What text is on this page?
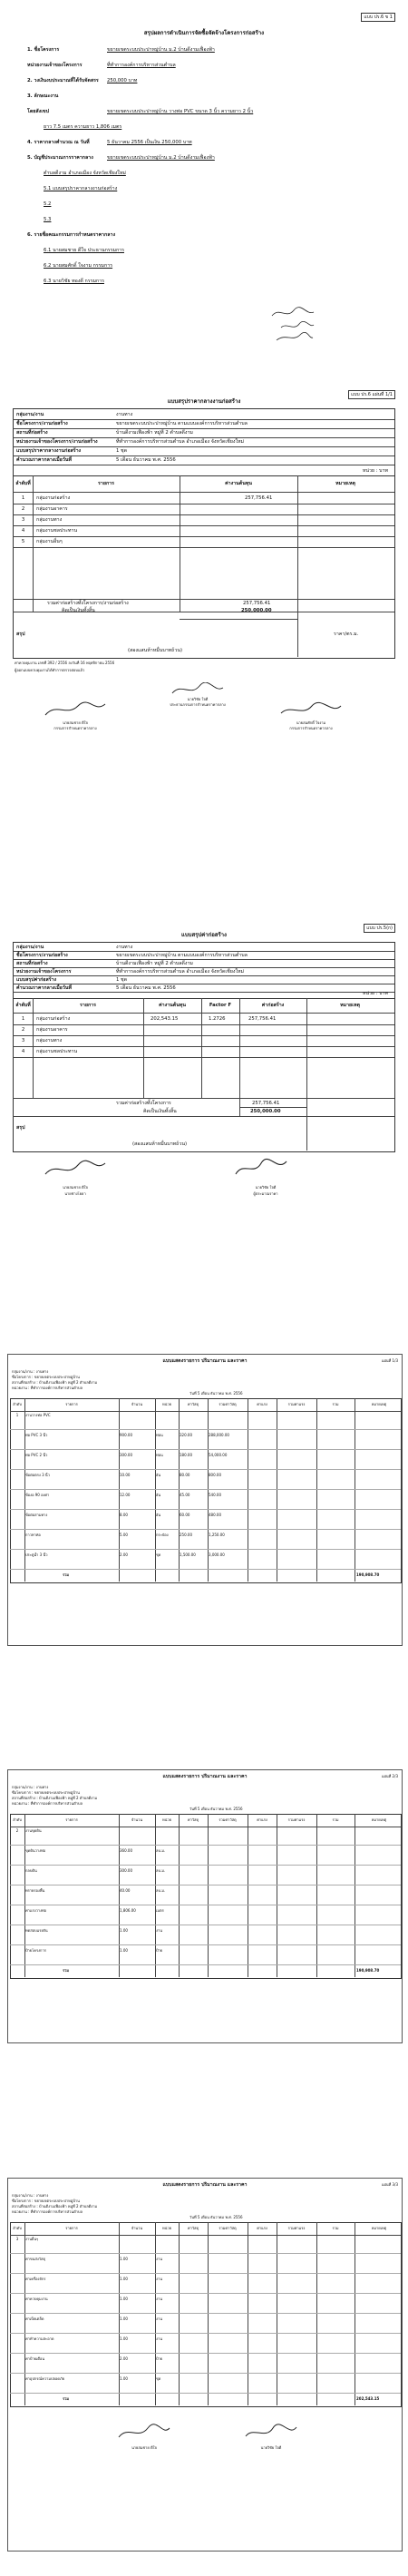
แบบ ปร.6 ข 1
สรุปผลการดำเนินการจัดซื้อจัดจ้างโครงการก่อสร้าง
1. ชื่อโครงการ	ขยายเขตระบบประปาหมู่บ้าน ม.2 บ้านดีงามเฟื่องฟ้า
หน่วยงานเจ้าของโครงการ	ที่ทำการองค์การบริหารส่วนตำบล
2. วงเงินงบประมาณที่ได้รับจัดสรร 250,000 บาท
3. ลักษณะงาน
โดยสังเขป	ขยายเขตระบบประปาหมู่บ้าน วางท่อ PVC ขนาด 3 นิ้ว ความยาว 2 นิ้ว
ยาว 7.5 เมตร ความยาว 1,806 เมตร
4. ราคากลางคำนวณ ณ วันที่	5 ธันวาคม 2556 เป็นเงิน 250,000 บาท
5. บัญชีประมาณการราคากลาง	ขยายเขตระบบประปาหมู่บ้าน ม.2 บ้านดีงามเฟื่องฟ้า
ตำบลดีงาม อำเภอเมือง จังหวัดเชียงใหม่
5.1 แบบสรุปราคากลางงานก่อสร้าง
5.2
5.3
6. รายชื่อคณะกรรมการกำหนดราคากลาง
6.1 นายสมชาย ดีใจ ประธานกรรมการ
6.2 นายสมศักดิ์ ใจงาม กรรมการ
6.3 นายวิชัย ทองดี กรรมการ
แบบ ปร.6 แผ่นที่ 1/1
แบบสรุปราคากลางงานก่อสร้าง
กลุ่มงาน/งาน	งานทาง
ชื่อโครงการ/งานก่อสร้าง	ขยายเขตระบบประปาหมู่บ้าน ตามแบบองค์การบริหารส่วนตำบล
สถานที่ก่อสร้าง	บ้านดีงามเฟื่องฟ้า หมู่ที่ 2 ตำบลดีงาม
หน่วยงานเจ้าของโครงการ/งานก่อสร้าง	ที่ทำการองค์การบริหารส่วนตำบล อำเภอเมือง จังหวัดเชียงใหม่
แบบสรุปราคากลางงานก่อสร้าง	1 ชุด
คำนวณราคากลางเมื่อวันที่	5 เดือน ธันวาคม พ.ศ. 2556
หน่วย : บาท
ลำดับที่	รายการ	ค่างานต้นทุน	หมายเหตุ
1	กลุ่มงานก่อสร้าง	257,756.41
2	กลุ่มงานอาคาร
3	กลุ่มงานทาง
4	กลุ่มงานชลประทาน
5	กลุ่มงานอื่นๆ
รวมค่าก่อสร้างทั้งโครงการ/งานก่อสร้าง	257,756.41
คิดเป็นเงินทั้งสิ้น	250,000.00
สรุป	ราคา/ตร.ม.
(สองแสนห้าหมื่นบาทถ้วน)
ค่าควบคุมงาน เลขที่ 392 / 2556 ลงวันที่ 16 พฤศจิกายน 2556
ผู้ออกแบบควบคุมงานได้ทำการตรวจสอบแล้ว
นายวิชัย ใจดี
ประธานกรรมการกำหนดราคากลาง
นายสมชาย ดีใจ
กรรมการกำหนดราคากลาง
นายสมศักดิ์ ใจงาม
กรรมการกำหนดราคากลาง
แบบ ปร.5(ก)
แบบสรุปค่าก่อสร้าง
กลุ่มงาน/งาน	งานทาง
ชื่อโครงการ/งานก่อสร้าง	ขยายเขตระบบประปาหมู่บ้าน ตามแบบองค์การบริหารส่วนตำบล
สถานที่ก่อสร้าง	บ้านดีงามเฟื่องฟ้า หมู่ที่ 2 ตำบลดีงาม
หน่วยงานเจ้าของโครงการ	ที่ทำการองค์การบริหารส่วนตำบล อำเภอเมือง จังหวัดเชียงใหม่
แบบสรุปค่าก่อสร้าง	1 ชุด
คำนวณราคากลางเมื่อวันที่	5 เดือน ธันวาคม พ.ศ. 2556
หน่วย : บาท
ลำดับที่	รายการ	ค่างานต้นทุน	Factor F	ค่าก่อสร้าง	หมายเหตุ
1	กลุ่มงานก่อสร้าง	202,543.15	1.2726	257,756.41
2	กลุ่มงานอาคาร
3	กลุ่มงานทาง
4	กลุ่มงานชลประทาน
รวมค่าก่อสร้างทั้งโครงการ	257,756.41
คิดเป็นเงินทั้งสิ้น	250,000.00
สรุป
(สองแสนห้าหมื่นบาทถ้วน)
นายสมชาย ดีใจ
นายช่างโยธา
นายวิชัย ใจดี
ผู้ประมาณราคา
แบบแสดงรายการ ปริมาณงาน และราคา	แผ่นที่ 1/3
กลุ่มงาน/งาน : งานทาง
ชื่อโครงการ : ขยายเขตระบบประปาหมู่บ้าน
สถานที่ก่อสร้าง : บ้านดีงามเฟื่องฟ้า หมู่ที่ 2 ตำบลดีงาม
หน่วยงาน : ที่ทำการองค์การบริหารส่วนตำบล
วันที่ 5 เดือน ธันวาคม พ.ศ. 2556
ลำดับ	รายการ	จำนวน	หน่วย	ค่าวัสดุ	รวมค่าวัสดุ	ค่าแรง	รวมค่าแรง	รวม	หมายเหตุ
1	งานวางท่อ PVC
ท่อ PVC 3 นิ้ว	900.00	ท่อน	320.00	288,000.00
ท่อ PVC 2 นิ้ว	300.00	ท่อน	180.00	54,000.00
ข้อต่อตรง 3 นิ้ว	10.00	อัน	80.00	800.00
ข้องอ 90 องศา	12.00	อัน	45.00	540.00
ข้อต่อสามทาง	8.00	อัน	60.00	480.00
กาวทาท่อ	5.00	กระป๋อง	250.00	1,250.00
ประตูน้ำ 3 นิ้ว	2.00	ชุด	1,500.00	3,000.00
รวม	190,908.70
แบบแสดงรายการ ปริมาณงาน และราคา	แผ่นที่ 2/3
กลุ่มงาน/งาน : งานทาง
ชื่อโครงการ : ขยายเขตระบบประปาหมู่บ้าน
สถานที่ก่อสร้าง : บ้านดีงามเฟื่องฟ้า หมู่ที่ 2 ตำบลดีงาม
หน่วยงาน : ที่ทำการองค์การบริหารส่วนตำบล
วันที่ 5 เดือน ธันวาคม พ.ศ. 2556
ลำดับ	รายการ	จำนวน	หน่วย	ค่าวัสดุ	รวมค่าวัสดุ	ค่าแรง	รวมค่าแรง	รวม	หมายเหตุ
2	งานขุดดิน
ขุดดินวางท่อ	360.00	ลบ.ม.
กลบดิน	300.00	ลบ.ม.
ทรายรองพื้น	40.00	ลบ.ม.
ค่าแรงวางท่อ	1,806.00	เมตร
ทดสอบแรงดัน	1.00	งาน
ป้ายโครงการ	1.00	ป้าย
รวม	190,908.70
แบบแสดงรายการ ปริมาณงาน และราคา	แผ่นที่ 3/3
กลุ่มงาน/งาน : งานทาง
ชื่อโครงการ : ขยายเขตระบบประปาหมู่บ้าน
สถานที่ก่อสร้าง : บ้านดีงามเฟื่องฟ้า หมู่ที่ 2 ตำบลดีงาม
หน่วยงาน : ที่ทำการองค์การบริหารส่วนตำบล
วันที่ 5 เดือน ธันวาคม พ.ศ. 2556
ลำดับ	รายการ	จำนวน	หน่วย	ค่าวัสดุ	รวมค่าวัสดุ	ค่าแรง	รวมค่าแรง	รวม	หมายเหตุ
3	งานอื่นๆ
ค่าขนส่งวัสดุ	1.00	งาน
ค่าเครื่องจักร	1.00	งาน
ค่าควบคุมงาน	1.00	งาน
ค่าเบ็ดเตล็ด	1.00	งาน
ค่าทำความสะอาด	1.00	งาน
ค่าป้ายเตือน	2.00	ป้าย
ค่าอุปกรณ์ความปลอดภัย	1.00	ชุด
รวม	202,543.15
นายสมชาย ดีใจ	นายวิชัย ใจดี
